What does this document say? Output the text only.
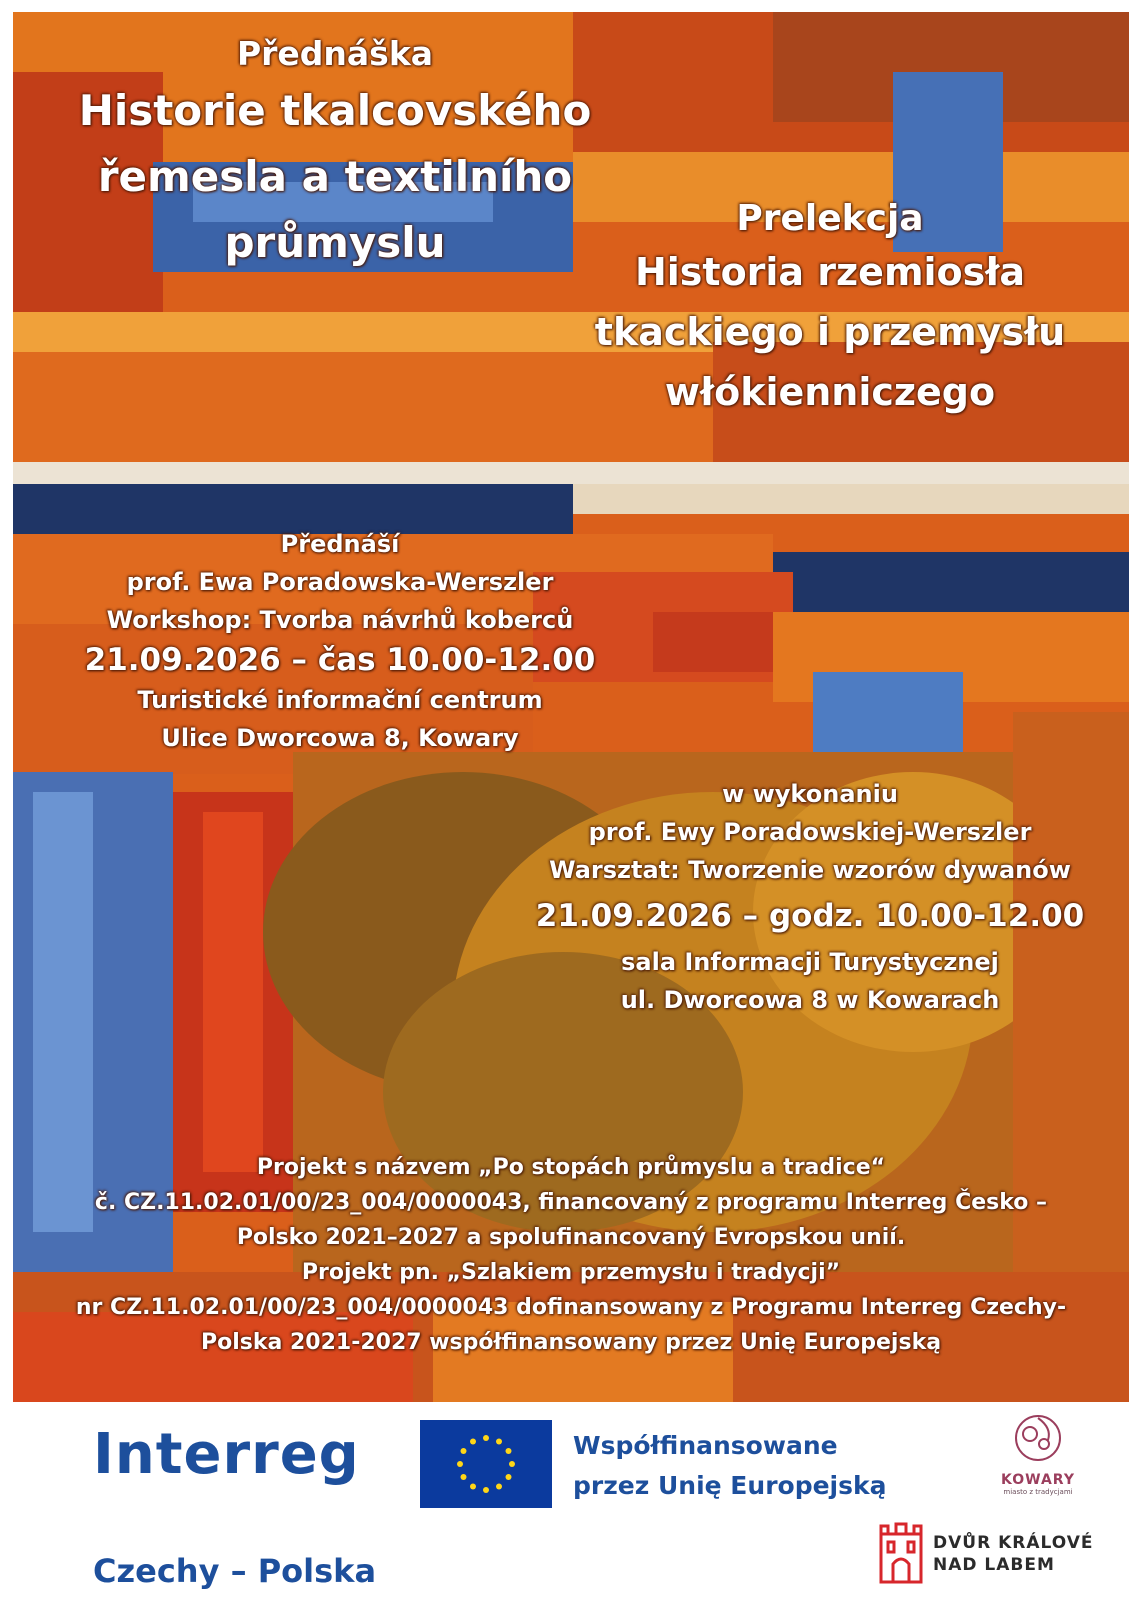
Přednáška
Historie tkalcovského
řemesla a textilního
průmyslu	Prelekcja
Historia rzemiosła
tkackiego i przemysłu
włókienniczego
Přednáší
prof. Ewa Poradowska-Werszler
Workshop: Tvorba návrhů koberců
21.09.2026 – čas 10.00-12.00
Turistické informační centrum
Ulice Dworcowa 8, Kowary
w wykonaniu
prof. Ewy Poradowskiej-Werszler
Warsztat: Tworzenie wzorów dywanów
21.09.2026 – godz. 10.00-12.00
sala Informacji Turystycznej
ul. Dworcowa 8 w Kowarach
Projekt s názvem „Po stopách průmyslu a tradice“
č. CZ.11.02.01/00/23_004/0000043, financovaný z programu Interreg Česko –
Polsko 2021–2027 a spolufinancovaný Evropskou unií.
Projekt pn. „Szlakiem przemysłu i tradycji”
nr CZ.11.02.01/00/23_004/0000043 dofinansowany z Programu Interreg Czechy-
Polska 2021-2027 współfinansowany przez Unię Europejską
Interreg
Czechy – Polska
Współfinansowane
przez Unię Europejską	KOWARY
miasto z tradycjami
DVŮR KRÁLOVÉ
NAD LABEM
